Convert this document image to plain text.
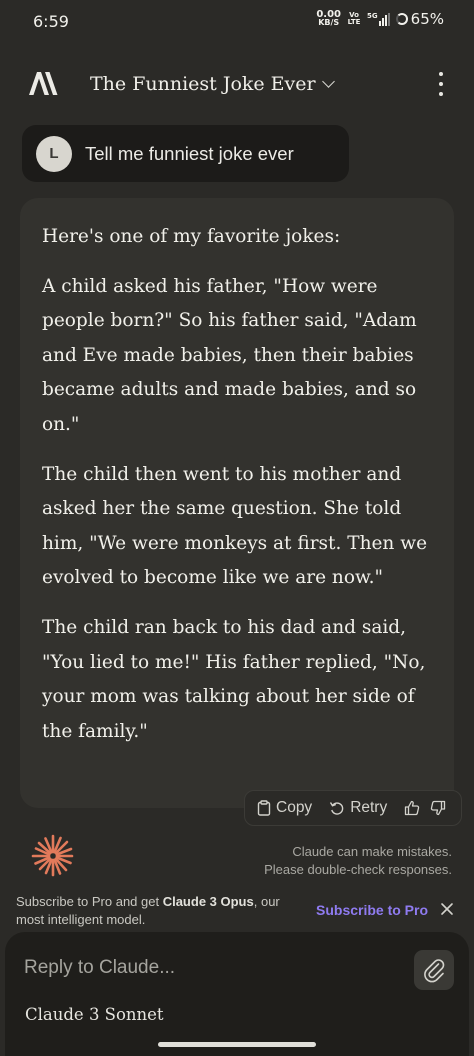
6:59	0.00
KB/S
Vo LTE
5G 65%
The Funniest Joke Ever
L	Tell me funniest joke ever

Here's one of my favorite jokes:

A child asked his father, "How were people born?" So his father said, "Adam and Eve made babies, then their babies became adults and made babies, and so on."

The child then went to his mother and asked her the same question. She told him, "We were monkeys at first. Then we evolved to become like we are now."

The child ran back to his dad and said, "You lied to me!" His father replied, "No, your mom was talking about her side of the family."

Copy Retry
Claude can make mistakes.
Please double-check responses.
Subscribe to Pro and get Claude 3 Opus, our most intelligent model.
Subscribe to Pro
Reply to Claude...
Claude 3 Sonnet
